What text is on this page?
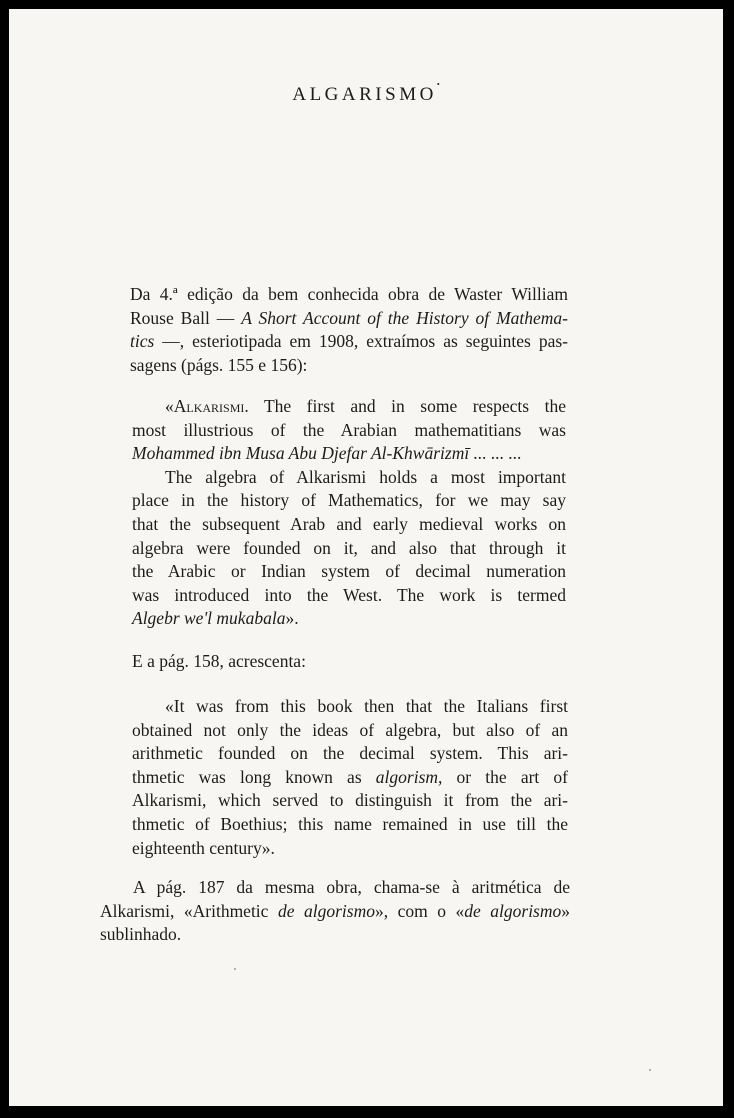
ALGARISMO•
Da 4.ª edição da bem conhecida obra de Waster William
Rouse Ball — A Short Account of the History of Mathema-
tics —, esteriotipada em 1908, extraímos as seguintes pas-
sagens (págs. 155 e 156):
«Alkarismi. The first and in some respects the
most illustrious of the Arabian mathematitians was
Mohammed ibn Musa Abu Djefar Al-Khwārizmī ... ... ...
The algebra of Alkarismi holds a most important
place in the history of Mathematics, for we may say
that the subsequent Arab and early medieval works on
algebra were founded on it, and also that through it
the Arabic or Indian system of decimal numeration
was introduced into the West. The work is termed
Algebr we'l mukabala».
E a pág. 158, acrescenta:
«It was from this book then that the Italians first
obtained not only the ideas of algebra, but also of an
arithmetic founded on the decimal system. This ari-
thmetic was long known as algorism, or the art of
Alkarismi, which served to distinguish it from the ari-
thmetic of Boethius; this name remained in use till the
eighteenth century».
A pág. 187 da mesma obra, chama-se à aritmética de
Alkarismi, «Arithmetic de algorismo», com o «de algorismo»
sublinhado.
